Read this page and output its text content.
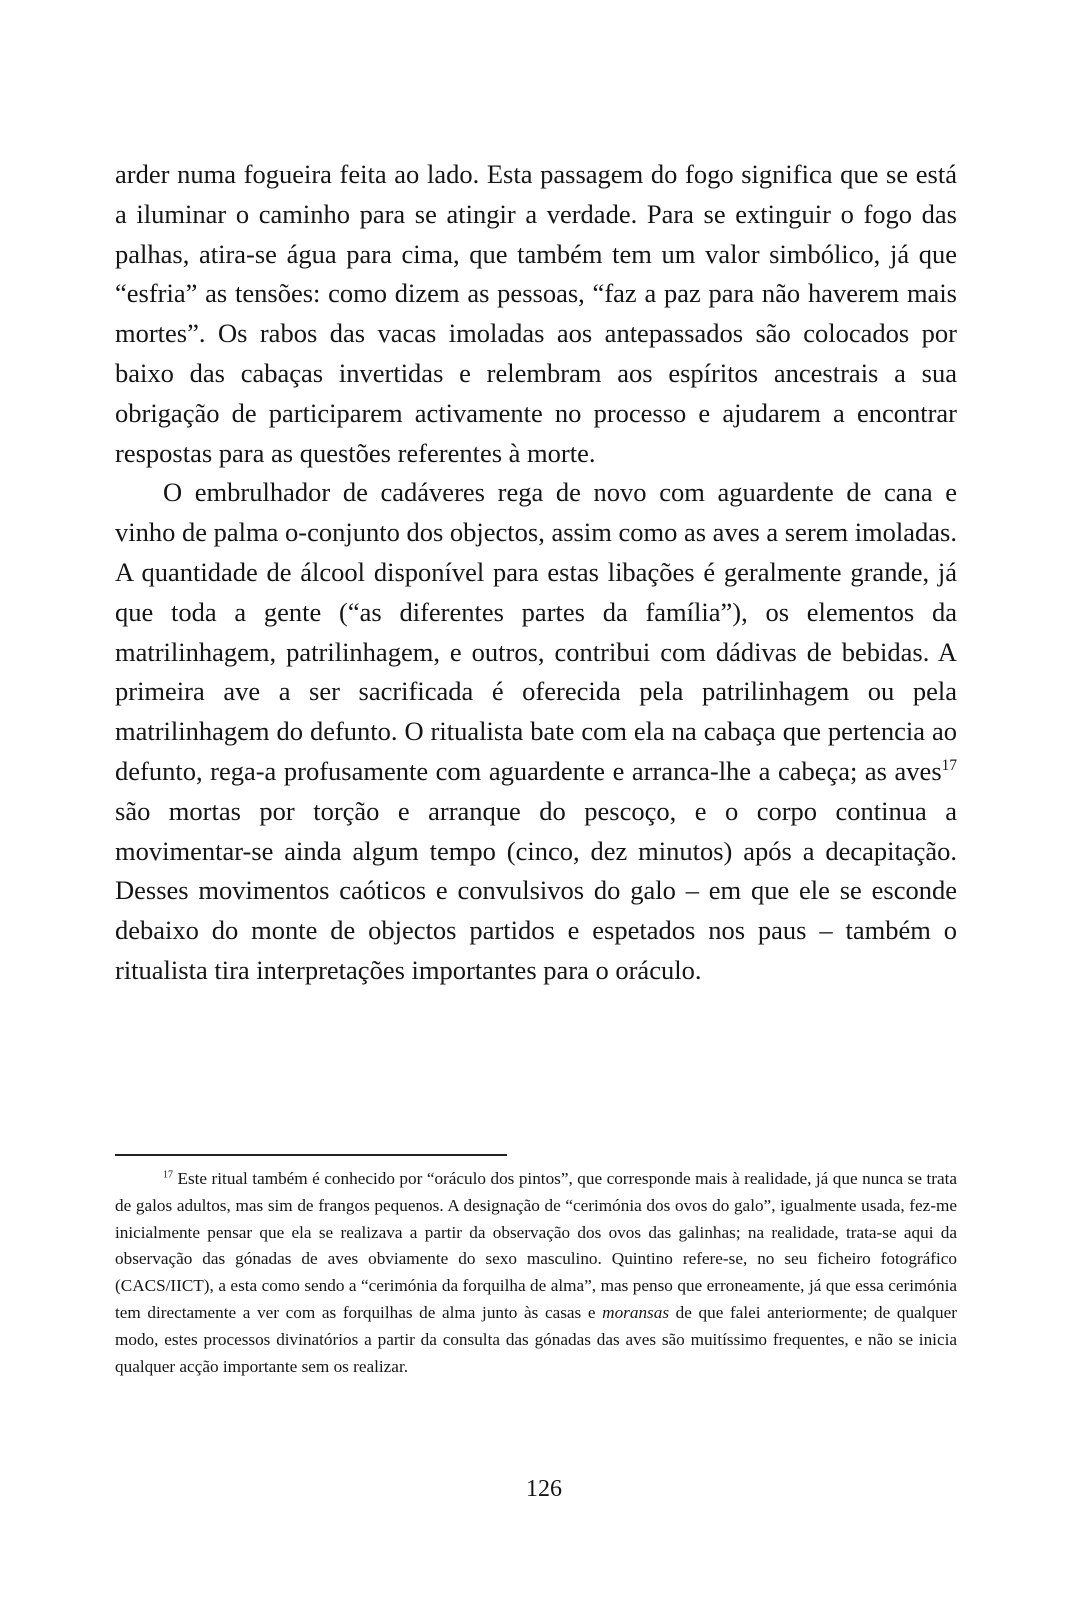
arder numa fogueira feita ao lado. Esta passagem do fogo significa que se está a iluminar o caminho para se atingir a verdade. Para se extinguir o fogo das palhas, atira-se água para cima, que também tem um valor simbólico, já que “esfria” as tensões: como dizem as pessoas, “faz a paz para não haverem mais mortes”. Os rabos das vacas imoladas aos antepassados são colocados por baixo das cabaças invertidas e relembram aos espíritos ancestrais a sua obrigação de participarem activamente no processo e ajudarem a encontrar respostas para as questões referentes à morte.

O embrulhador de cadáveres rega de novo com aguardente de cana e vinho de palma o-conjunto dos objectos, assim como as aves a serem imoladas. A quantidade de álcool disponível para estas libações é geralmente grande, já que toda a gente (“as diferentes partes da família”), os elementos da matrilinhagem, patrilinhagem, e outros, contribui com dádivas de bebidas. A primeira ave a ser sacrificada é oferecida pela patrilinhagem ou pela matrilinhagem do defunto. O ritualista bate com ela na cabaça que pertencia ao defunto, rega-a profusamente com aguardente e arranca-lhe a cabeça; as aves$^{17}$ são mortas por torção e arranque do pescoço, e o corpo continua a movimentar-se ainda algum tempo (cinco, dez minutos) após a decapitação. Desses movimentos caóticos e convulsivos do galo – em que ele se esconde debaixo do monte de objectos partidos e espetados nos paus – também o ritualista tira interpretações importantes para o oráculo.

$^{17}$ Este ritual também é conhecido por “oráculo dos pintos”, que corresponde mais à realidade, já que nunca se trata de galos adultos, mas sim de frangos pequenos. A designação de “cerimónia dos ovos do galo”, igualmente usada, fez-me inicialmente pensar que ela se realizava a partir da observação dos ovos das galinhas; na realidade, trata-se aqui da observação das gónadas de aves obviamente do sexo masculino. Quintino refere-se, no seu ficheiro fotográfico (CACS/IICT), a esta como sendo a “cerimónia da forquilha de alma”, mas penso que erroneamente, já que essa cerimónia tem directamente a ver com as forquilhas de alma junto às casas e moransas de que falei anteriormente; de qualquer modo, estes processos divinatórios a partir da consulta das gónadas das aves são muitíssimo frequentes, e não se inicia qualquer acção importante sem os realizar.

126
